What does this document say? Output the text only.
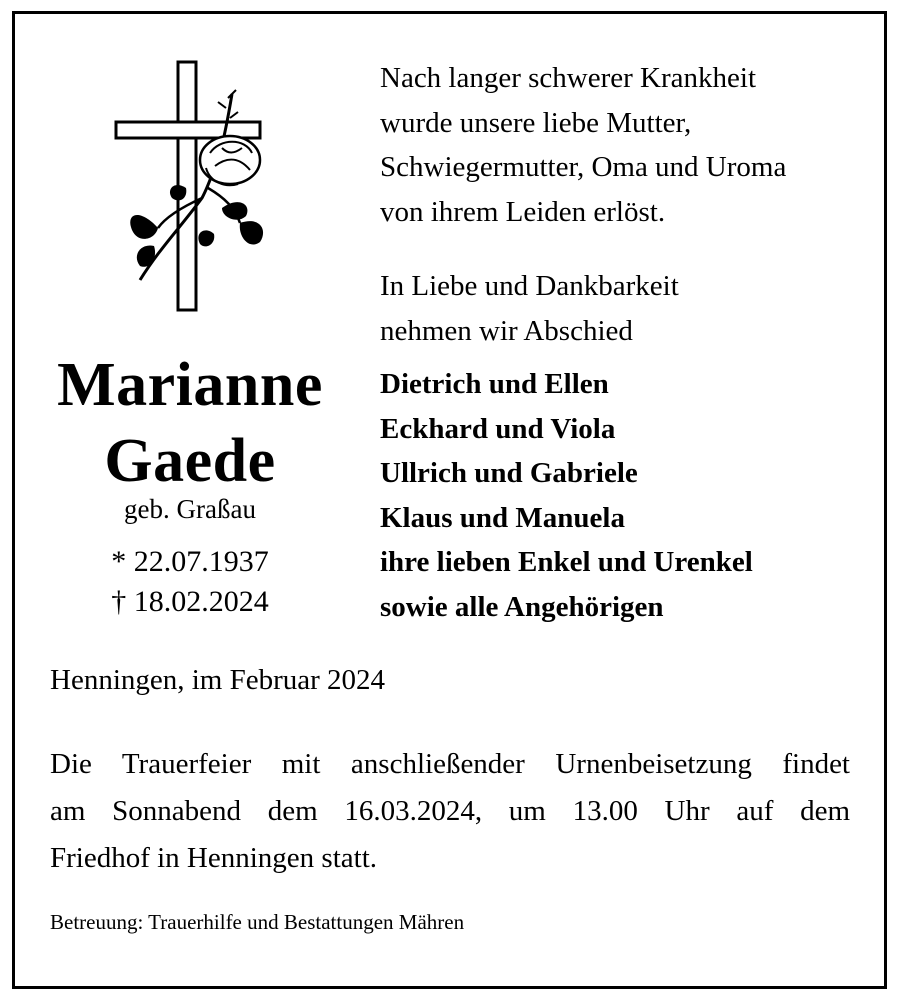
Marianne
Gaede
geb. Graßau
* 22.07.1937
† 18.02.2024
Nach langer schwerer Krankheit
wurde unsere liebe Mutter,
Schwiegermutter, Oma und Uroma
von ihrem Leiden erlöst.
In Liebe und Dankbarkeit
nehmen wir Abschied
Dietrich und Ellen
Eckhard und Viola
Ullrich und Gabriele
Klaus und Manuela
ihre lieben Enkel und Urenkel
sowie alle Angehörigen
Henningen, im Februar 2024
Die Trauerfeier mit anschließender Urnenbeisetzung findet
am Sonnabend dem 16.03.2024, um 13.00 Uhr auf dem
Friedhof in Henningen statt.
Betreuung: Trauerhilfe und Bestattungen Mähren
